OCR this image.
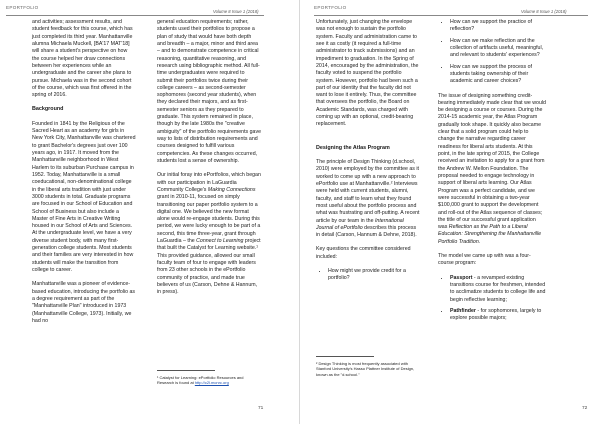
EPORTFOLIO
Volume 8 Issue 1 (2018)

and activities; assessment results, and student feedback for this course, which has just completed its third year. Manhattanville alumna Michaela Muckell, [BA'17 MAT'18] will share a student's perspective on how the course helped her draw connections between her experiences while an undergraduate and the career she plans to pursue. Michaela was in the second cohort of the course, which was first offered in the spring of 2016.

Background

Founded in 1841 by the Religious of the Sacred Heart as an academy for girls in New York City, Manhattanville was chartered to grant Bachelor's degrees just over 100 years ago, in 1917. It moved from the Manhattanville neighborhood in West Harlem to its suburban Purchase campus in 1952. Today, Manhattanville is a small coeducational, non-denominational college in the liberal arts tradition with just under 3000 students in total. Graduate programs are focused in our School of Education and School of Business but also include a Master of Fine Arts in Creative Writing housed in our School of Arts and Sciences. At the undergraduate level, we have a very diverse student body, with many first-generation college students. Most students and their families are very interested in how students will make the transition from college to career.

Manhattanville was a pioneer of evidence-based education, introducing the portfolio as a degree requirement as part of the "Manhattanville Plan" introduced in 1973 (Manhattanville College, 1973). Initially, we had no

general education requirements; rather, students used their portfolios to propose a plan of study that would have both depth and breadth – a major, minor and third area – and to demonstrate competence in critical reasoning, quantitative reasoning, and research using bibliographic method. All full-time undergraduates were required to submit their portfolios twice during their college careers – as second-semester sophomores (second year students), when they declared their majors, and as first-semester seniors as they prepared to graduate. This system remained in place, though by the late 1980s the "creative ambiguity" of the portfolio requirements gave way to lists of distribution requirements and courses designed to fulfill various competencies. As these changes occurred, students lost a sense of ownership.

Our initial foray into ePortfolios, which began with our participation in LaGuardia Community College's Making Connections grant in 2010-11, focused on simply transitioning our paper portfolio system to a digital one. We believed the new format alone would re-engage students. During this period, we were lucky enough to be part of a second, this time three-year, grant through LaGuardia – the Connect to Learning project that built the Catalyst for Learning website.¹ This provided guidance, allowed our small faculty team of four to engage with leaders from 23 other schools in the ePortfolio community of practice, and made true believers of us (Carson, Dehne & Hannum, in press).

¹ Catalyst for Learning: ePortfolio Resources and Research is found at http://c2l.mcnrc.org
71
EPORTFOLIO
Volume 8 Issue 1 (2018)

Unfortunately, just changing the envelope was not enough to sustain the portfolio system. Faculty and administration came to see it as costly (it required a full-time administrator to track submissions) and an impediment to graduation. In the Spring of 2014, encouraged by the administration, the faculty voted to suspend the portfolio system. However, portfolio had been such a part of our identity that the faculty did not want to lose it entirely. Thus, the committee that oversees the portfolio, the Board on Academic Standards, was charged with coming up with an optional, credit-bearing replacement.

Designing the Atlas Program

The principle of Design Thinking (d.school, 2010) were employed by the committee as it worked to come up with a new approach to ePortfolio use at Manhattanville.² Interviews were held with current students, alumni, faculty, and staff to learn what they found most useful about the portfolio process and what was frustrating and off-putting. A recent article by our team in the International Journal of ePortfolio describes this process in detail (Carson, Hannum & Dehne, 2018).

Key questions the committee considered included:

• How might we provide credit for a portfolio?
² Design Thinking is most frequently associated with Stanford University's Hasso Plattner Institute of Design, known as the "d.school."
• How can we support the practice of reflection?
• How can we make reflection and the collection of artifacts useful, meaningful, and relevant to students' experiences?
• How can we support the process of students taking ownership of their academic and career choices?

The issue of designing something credit-bearing immediately made clear that we would be designing a course or courses. During the 2014-15 academic year, the Atlas Program gradually took shape. It quickly also became clear that a solid program could help to change the narrative regarding career readiness for liberal arts students. At this point, in the late spring of 2015, the College received an invitation to apply for a grant from the Andrew W. Mellon Foundation. The proposal needed to engage technology in support of liberal arts learning. Our Atlas Program was a perfect candidate, and we were successful in obtaining a two-year $100,000 grant to support the development and roll-out of the Atlas sequence of classes; the title of our successful grant application was Reflection as the Path to a Liberal Education: Strengthening the Manhattanville Portfolio Tradition.

The model we came up with was a four-course program:

• Passport - a revamped existing transitions course for freshmen, intended to acclimatize students to college life and begin reflective learning;
• Pathfinder - for sophomores, largely to explore possible majors;
72
